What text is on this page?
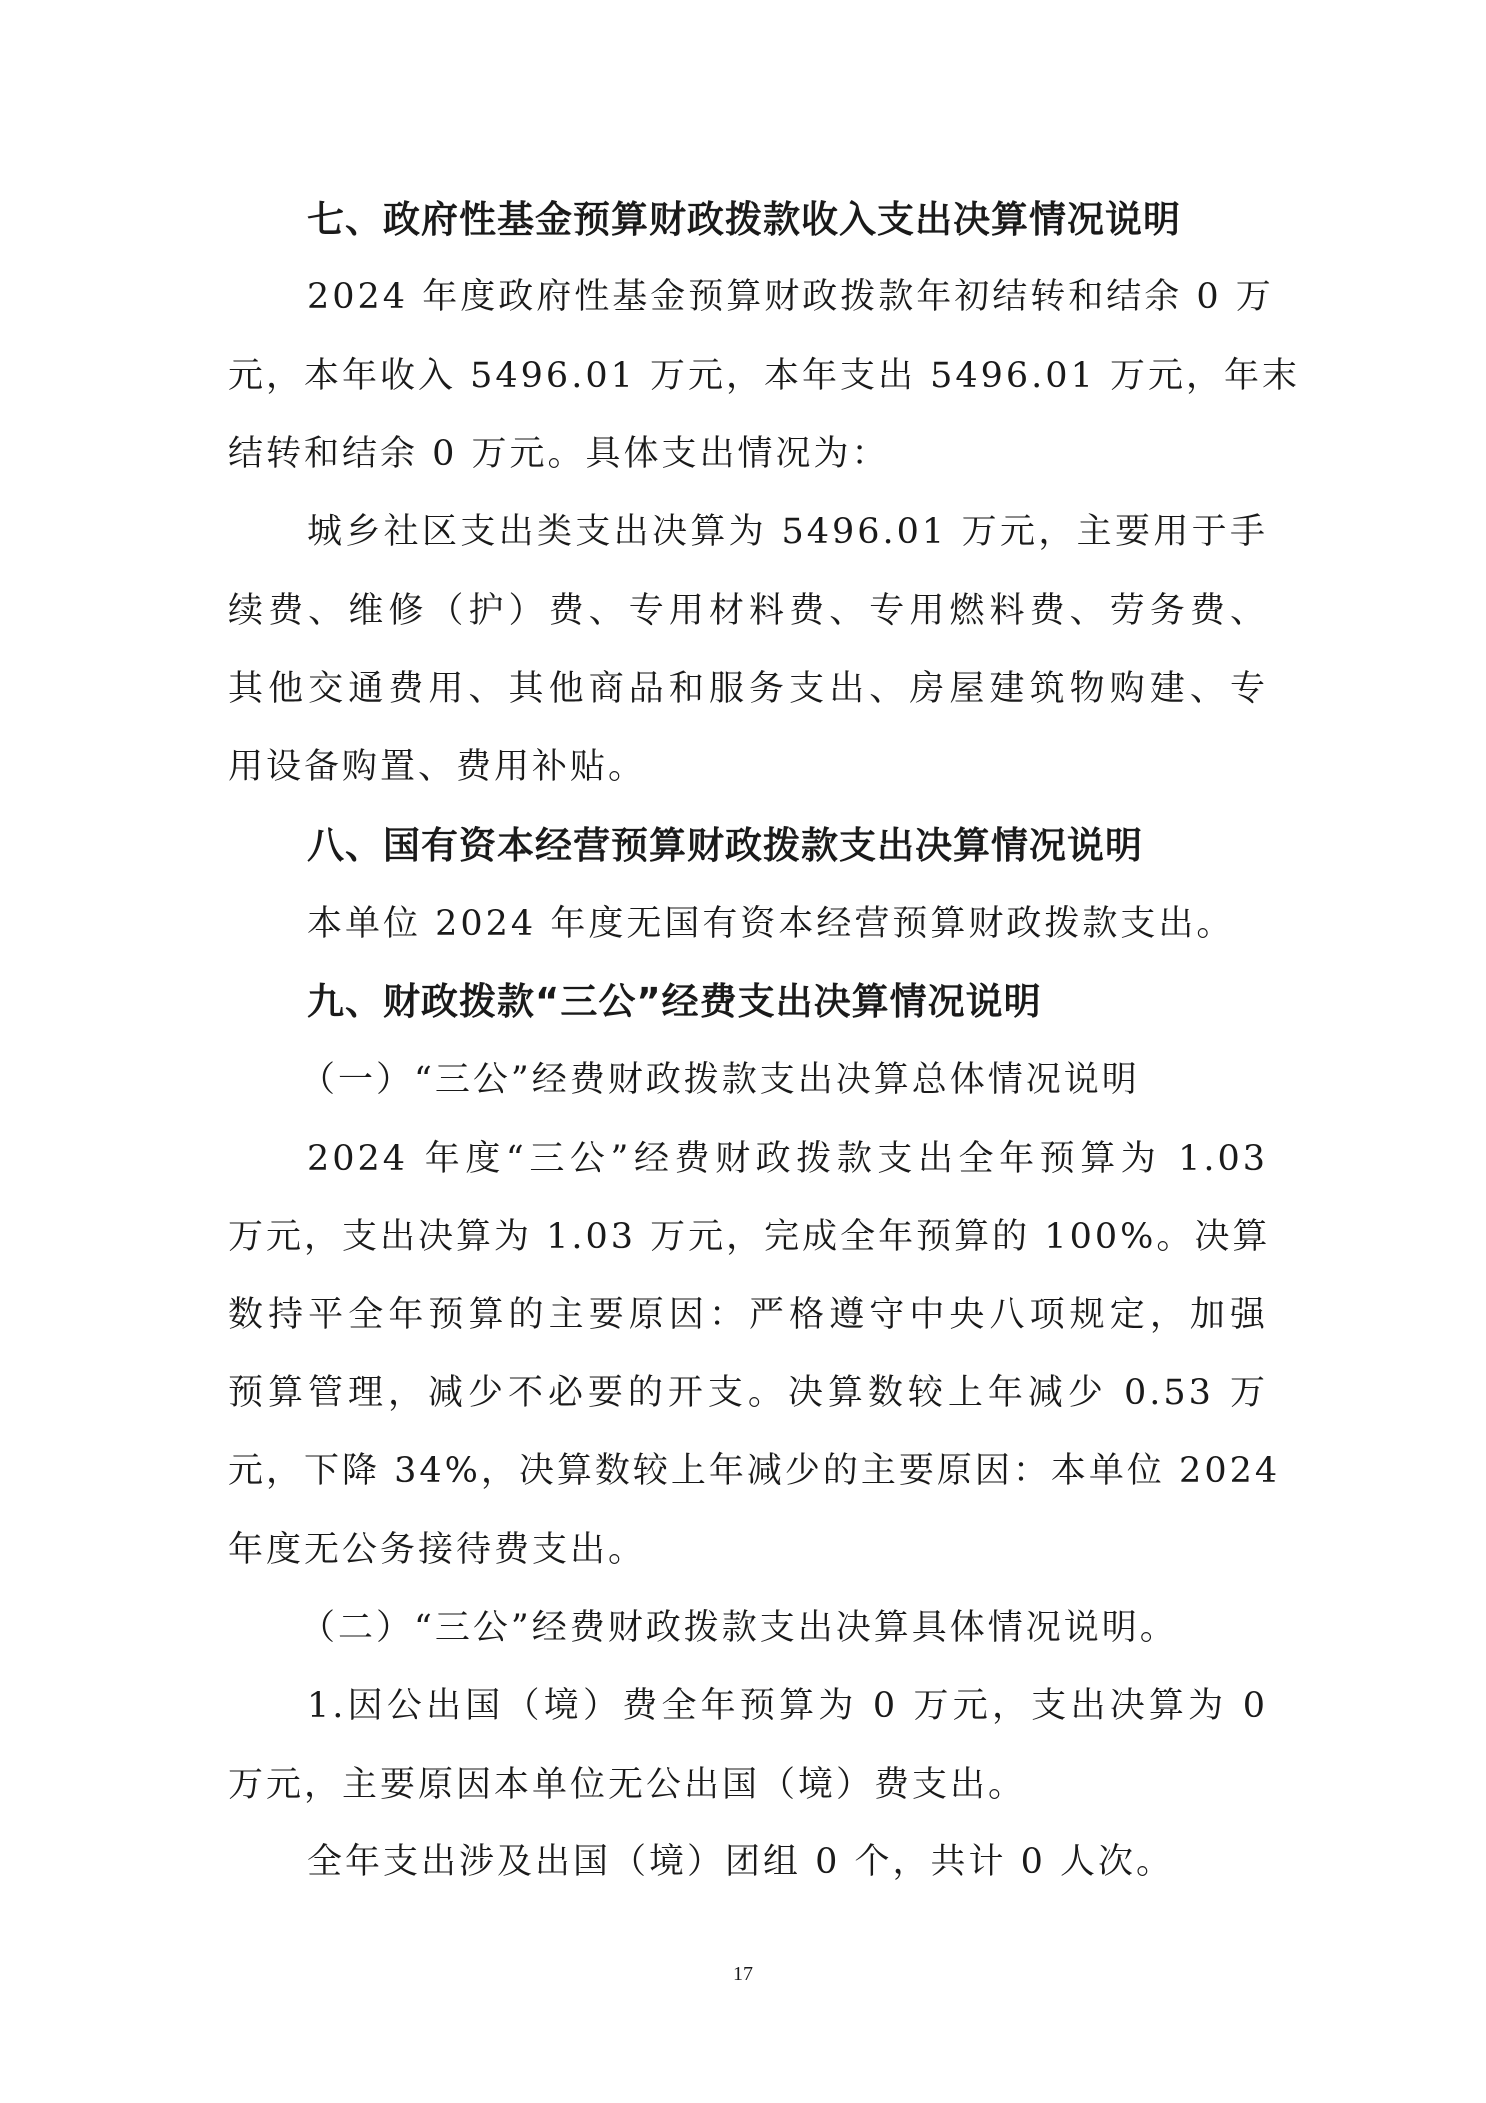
七、政府性基金预算财政拨款收入支出决算情况说明
2024 年度政府性基金预算财政拨款年初结转和结余 0 万
元，本年收入 5496.01 万元，本年支出 5496.01 万元，年末
结转和结余 0 万元。具体支出情况为：
城乡社区支出类支出决算为 5496.01 万元，主要用于手
续费、维修（护）费、专用材料费、专用燃料费、劳务费、
其他交通费用、其他商品和服务支出、房屋建筑物购建、专
用设备购置、费用补贴。
八、国有资本经营预算财政拨款支出决算情况说明
本单位 2024 年度无国有资本经营预算财政拨款支出。
九、财政拨款“三公”经费支出决算情况说明
（一）“三公”经费财政拨款支出决算总体情况说明
2024 年度“三公”经费财政拨款支出全年预算为 1.03
万元，支出决算为 1.03 万元，完成全年预算的 100%。决算
数持平全年预算的主要原因：严格遵守中央八项规定，加强
预算管理，减少不必要的开支。决算数较上年减少 0.53 万
元，下降 34%，决算数较上年减少的主要原因：本单位 2024
年度无公务接待费支出。
（二）“三公”经费财政拨款支出决算具体情况说明。
1.因公出国（境）费全年预算为 0 万元，支出决算为 0
万元，主要原因本单位无公出国（境）费支出。
全年支出涉及出国（境）团组 0 个，共计 0 人次。
17
